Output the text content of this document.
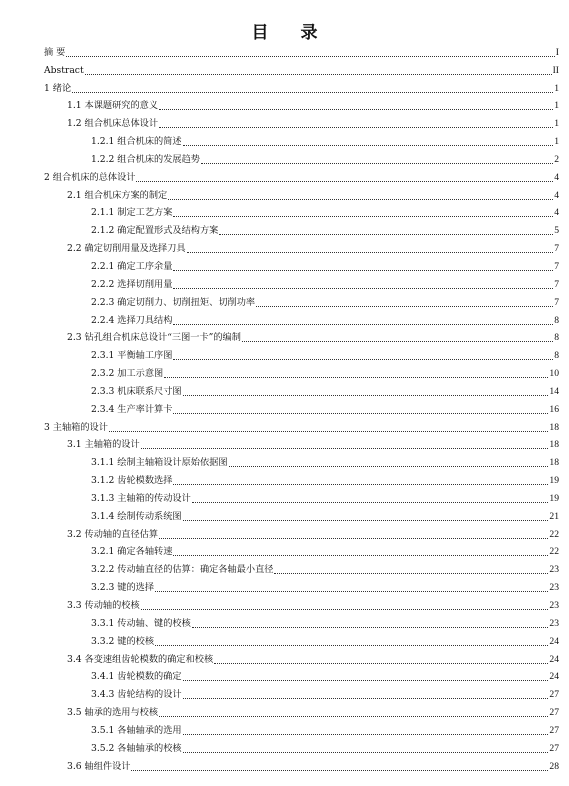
目 录
摘 要	I
Abstract	II
1 绪论	1
1.1 本课题研究的意义	1
1.2 组合机床总体设计	1
1.2.1 组合机床的简述	1
1.2.2 组合机床的发展趋势	2
2 组合机床的总体设计	4
2.1 组合机床方案的制定	4
2.1.1 制定工艺方案	4
2.1.2 确定配置形式及结构方案	5
2.2 确定切削用量及选择刀具	7
2.2.1 确定工序余量	7
2.2.2 选择切削用量	7
2.2.3 确定切削力、切削扭矩、切削功率	7
2.2.4 选择刀具结构	8
2.3 钻孔组合机床总设计“三图一卡”的编制	8
2.3.1 平衡轴工序图	8
2.3.2 加工示意图	10
2.3.3 机床联系尺寸图	14
2.3.4 生产率计算卡	16
3 主轴箱的设计	18
3.1 主轴箱的设计	18
3.1.1 绘制主轴箱设计原始依据图	18
3.1.2 齿轮模数选择	19
3.1.3 主轴箱的传动设计	19
3.1.4 绘制传动系统图	21
3.2 传动轴的直径估算	22
3.2.1 确定各轴转速	22
3.2.2 传动轴直径的估算：确定各轴最小直径	23
3.2.3 键的选择	23
3.3 传动轴的校核	23
3.3.1 传动轴、键的校核	23
3.3.2 键的校核	24
3.4 各变速组齿轮模数的确定和校核	24
3.4.1 齿轮模数的确定	24
3.4.3 齿轮结构的设计	27
3.5 轴承的选用与校核	27
3.5.1 各轴轴承的选用	27
3.5.2 各轴轴承的校核	27
3.6 轴组件设计	28
